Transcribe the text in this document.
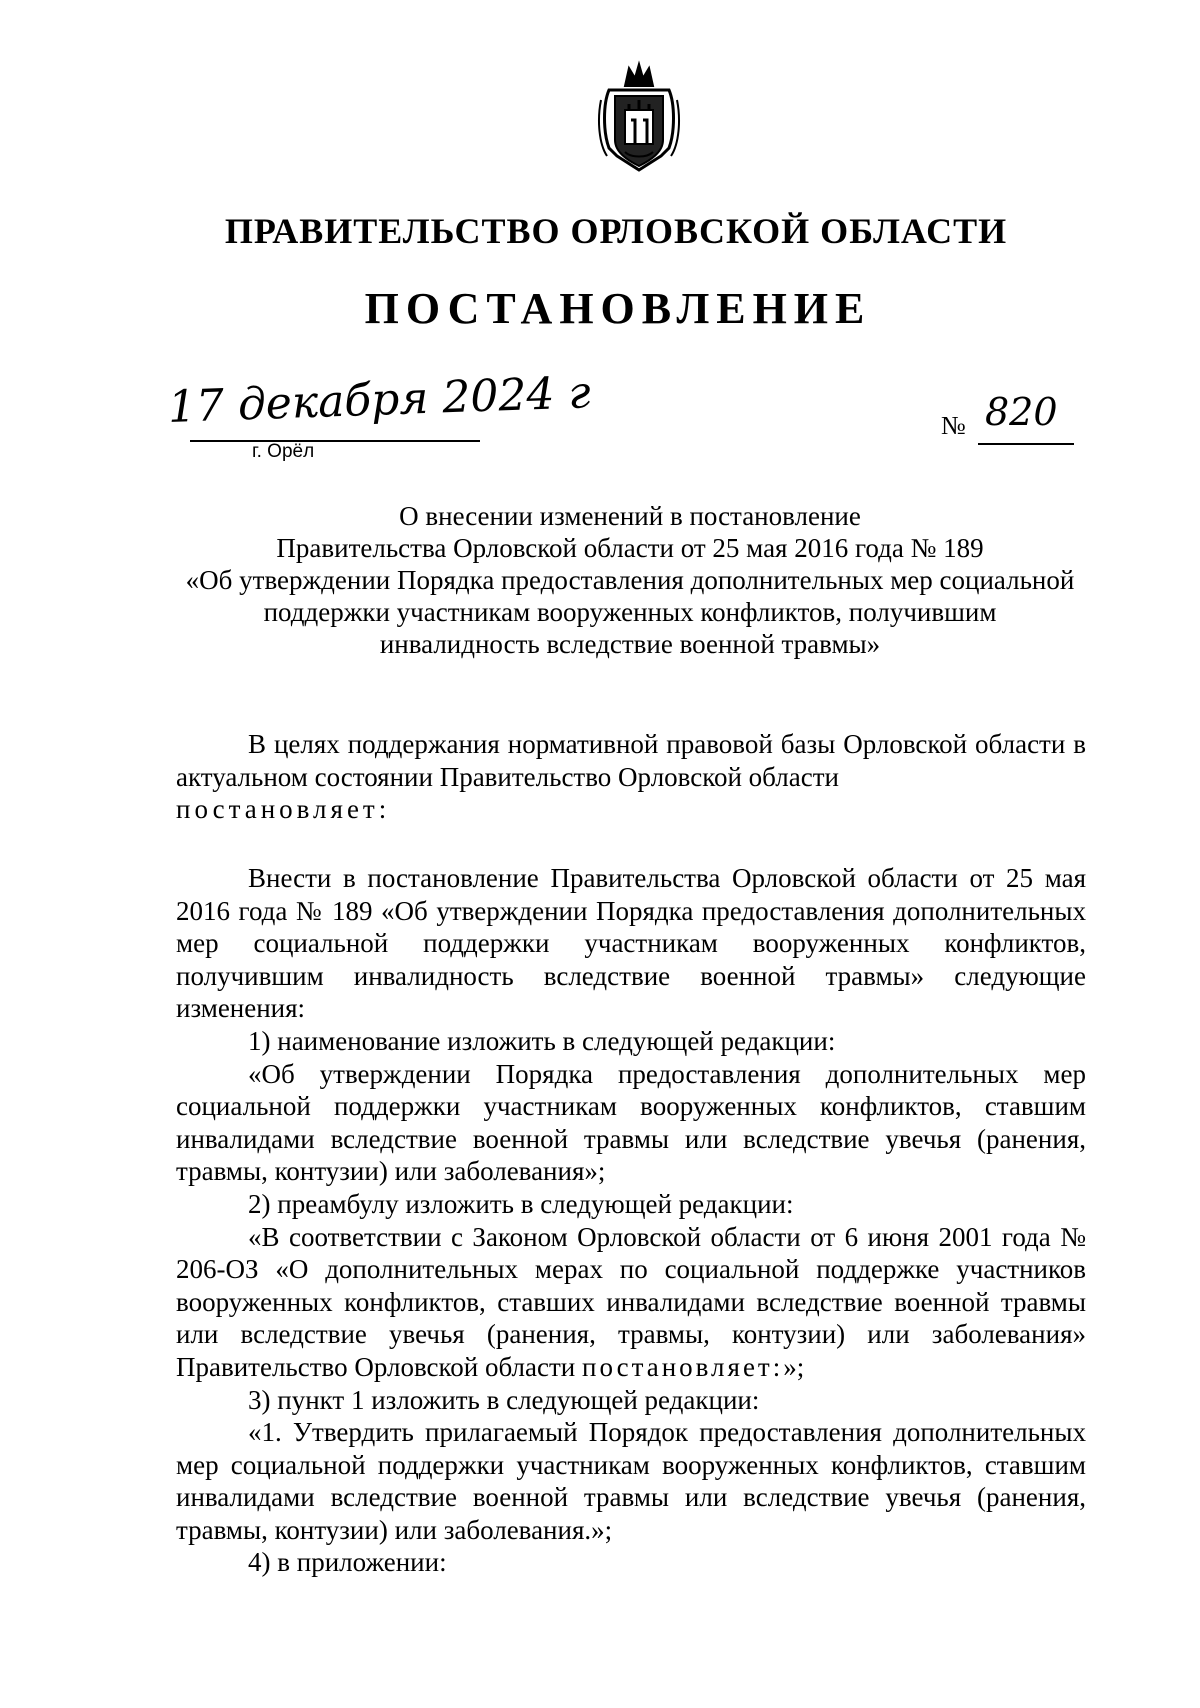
ПРАВИТЕЛЬСТВО ОРЛОВСКОЙ ОБЛАСТИ
ПОСТАНОВЛЕНИЕ
17 декабря 2024 г
г. Орёл
№ 820
О внесении изменений в постановление
Правительства Орловской области от 25 мая 2016 года № 189
«Об утверждении Порядка предоставления дополнительных мер социальной
поддержки участникам вооруженных конфликтов, получившим
инвалидность вследствие военной травмы»
В целях поддержания нормативной правовой базы Орловской области в актуальном состоянии Правительство Орловской области
постановляет:
Внести в постановление Правительства Орловской области от 25 мая 2016 года № 189 «Об утверждении Порядка предоставления дополнительных мер социальной поддержки участникам вооруженных конфликтов, получившим инвалидность вследствие военной травмы» следующие изменения:
1) наименование изложить в следующей редакции:
«Об утверждении Порядка предоставления дополнительных мер социальной поддержки участникам вооруженных конфликтов, ставшим инвалидами вследствие военной травмы или вследствие увечья (ранения, травмы, контузии) или заболевания»;
2) преамбулу изложить в следующей редакции:
«В соответствии с Законом Орловской области от 6 июня 2001 года № 206-ОЗ «О дополнительных мерах по социальной поддержке участников вооруженных конфликтов, ставших инвалидами вследствие военной травмы или вследствие увечья (ранения, травмы, контузии) или заболевания» Правительство Орловской области постановляет:»;
3) пункт 1 изложить в следующей редакции:
«1. Утвердить прилагаемый Порядок предоставления дополнительных мер социальной поддержки участникам вооруженных конфликтов, ставшим инвалидами вследствие военной травмы или вследствие увечья (ранения, травмы, контузии) или заболевания.»;
4) в приложении:
